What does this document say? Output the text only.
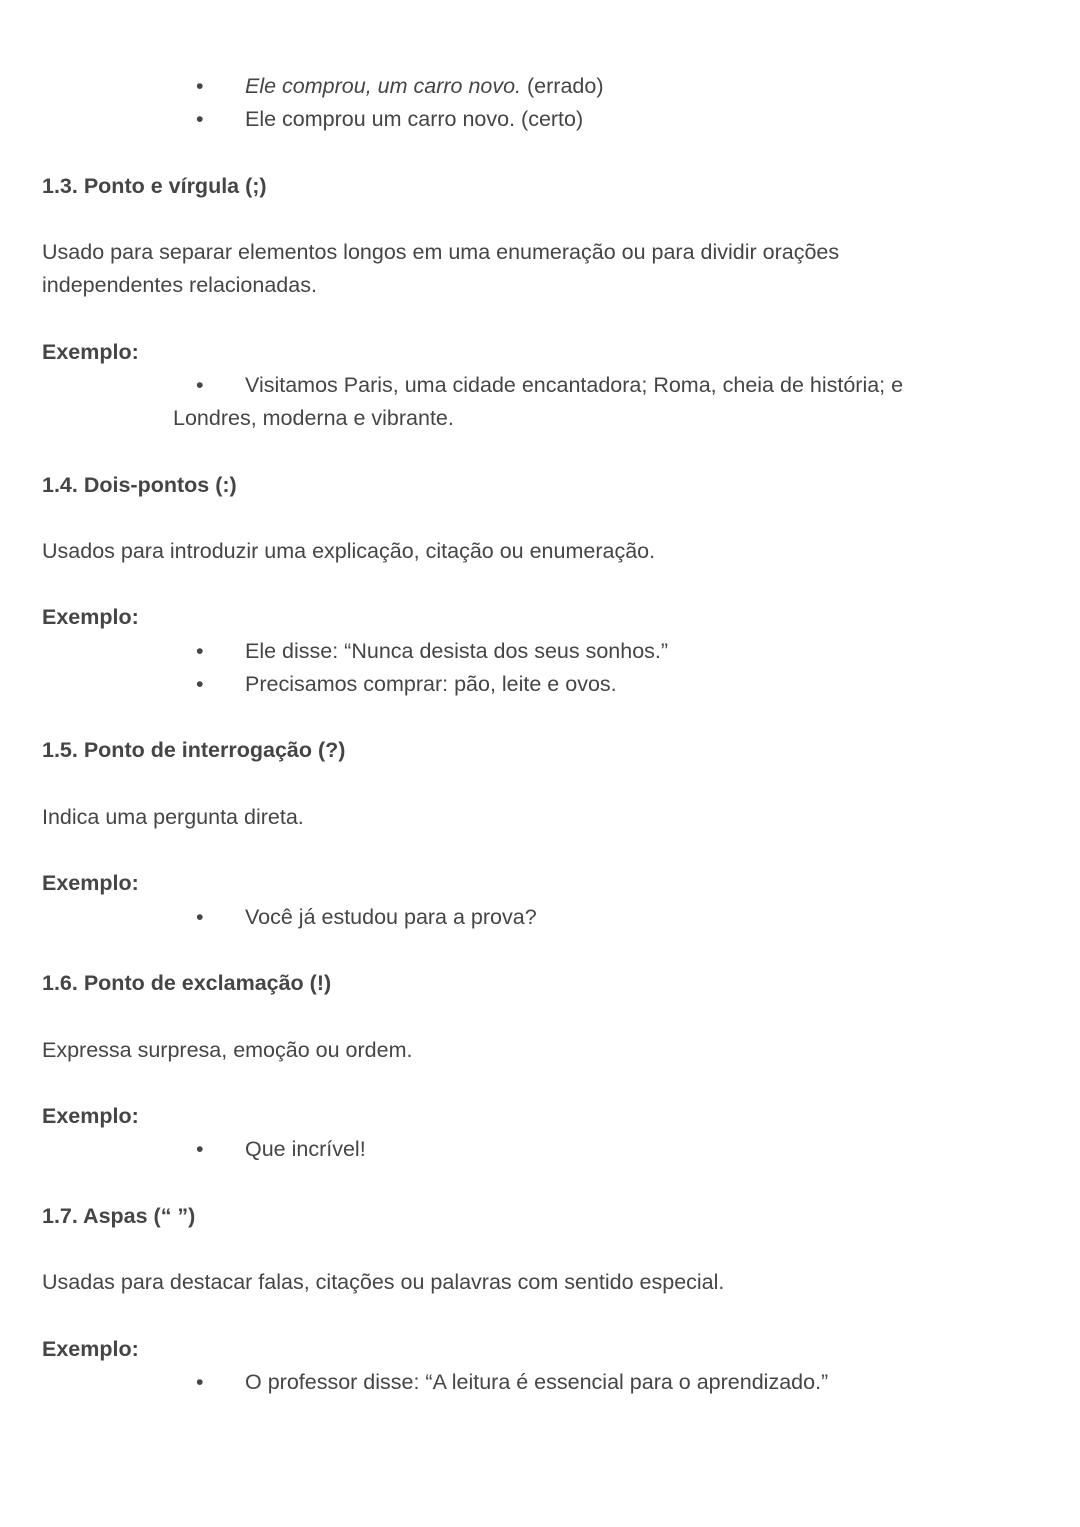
• Ele comprou, um carro novo. (errado)
• Ele comprou um carro novo. (certo)
1.3. Ponto e vírgula (;)
Usado para separar elementos longos em uma enumeração ou para dividir orações
independentes relacionadas.
Exemplo:
• Visitamos Paris, uma cidade encantadora; Roma, cheia de história; e
Londres, moderna e vibrante.
1.4. Dois-pontos (:)
Usados para introduzir uma explicação, citação ou enumeração.
Exemplo:
• Ele disse: “Nunca desista dos seus sonhos.”
• Precisamos comprar: pão, leite e ovos.
1.5. Ponto de interrogação (?)
Indica uma pergunta direta.
Exemplo:
• Você já estudou para a prova?
1.6. Ponto de exclamação (!)
Expressa surpresa, emoção ou ordem.
Exemplo:
• Que incrível!
1.7. Aspas (“ ”)
Usadas para destacar falas, citações ou palavras com sentido especial.
Exemplo:
• O professor disse: “A leitura é essencial para o aprendizado.”
